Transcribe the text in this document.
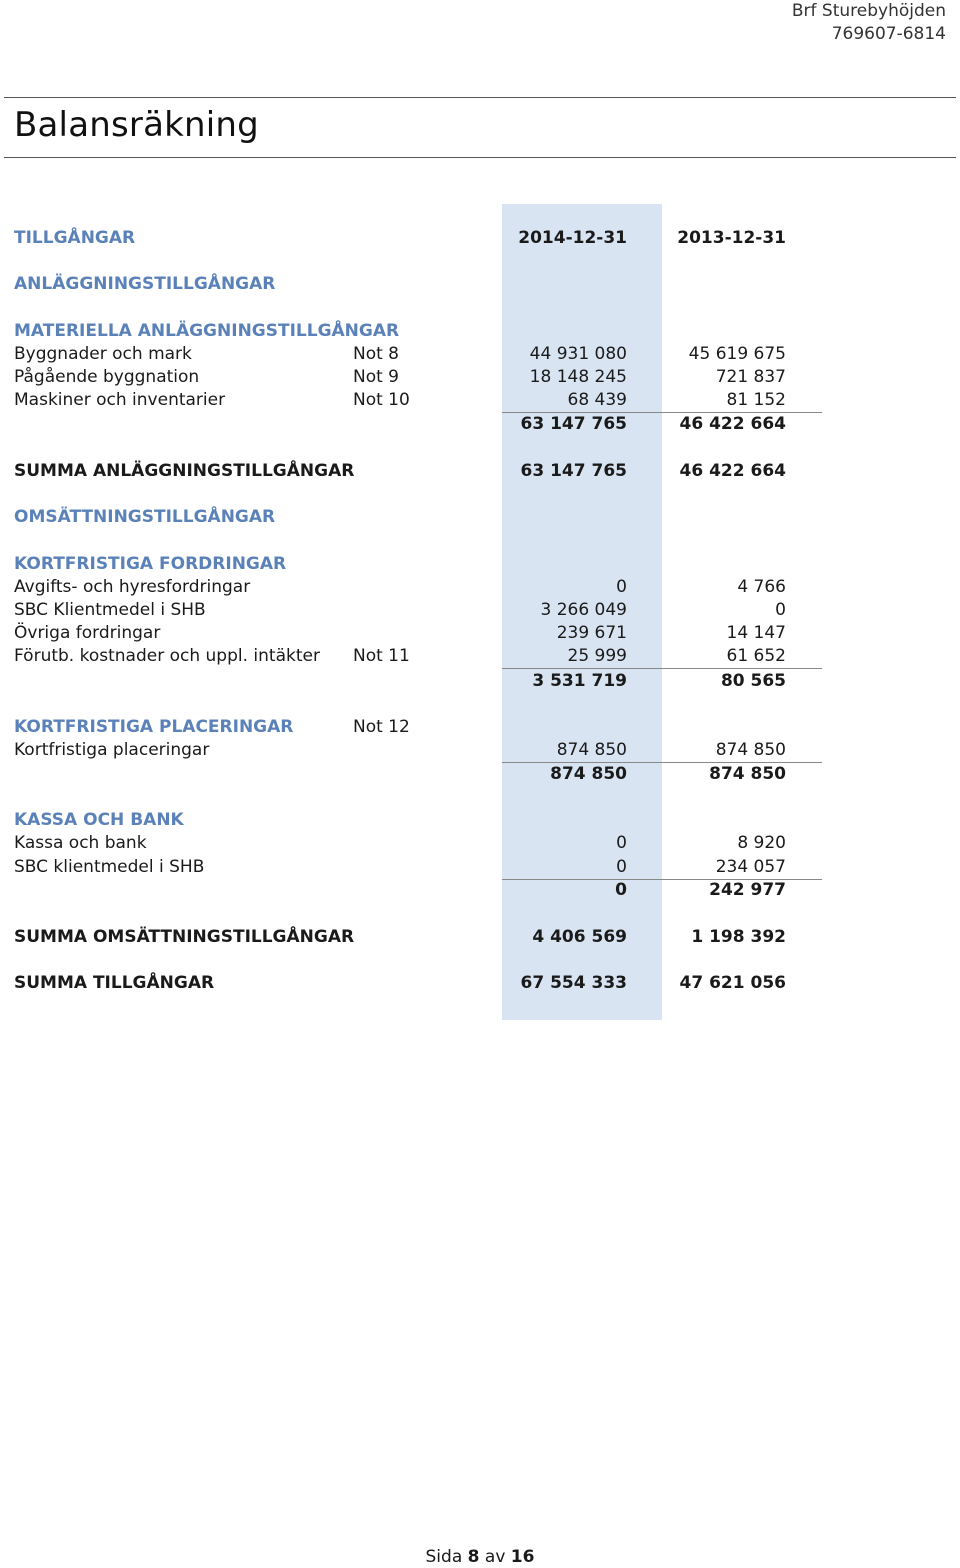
Brf Sturebyhöjden
769607-6814
Balansräkning
TILLGÅNGAR	2014-12-31	2013-12-31
ANLÄGGNINGSTILLGÅNGAR
MATERIELLA ANLÄGGNINGSTILLGÅNGAR
Byggnader och mark	Not 8	44 931 080	45 619 675
Pågående byggnation	Not 9	18 148 245	721 837
Maskiner och inventarier	Not 10	68 439	81 152
63 147 765	46 422 664
SUMMA ANLÄGGNINGSTILLGÅNGAR	63 147 765	46 422 664
OMSÄTTNINGSTILLGÅNGAR
KORTFRISTIGA FORDRINGAR
Avgifts- och hyresfordringar	0	4 766
SBC Klientmedel i SHB	3 266 049	0
Övriga fordringar	239 671	14 147
Förutb. kostnader och uppl. intäkter Not 11	25 999	61 652
3 531 719	80 565
KORTFRISTIGA PLACERINGAR	Not 12
Kortfristiga placeringar	874 850	874 850
874 850	874 850
KASSA OCH BANK
Kassa och bank	0	8 920
SBC klientmedel i SHB	0	234 057
0	242 977
SUMMA OMSÄTTNINGSTILLGÅNGAR	4 406 569	1 198 392
SUMMA TILLGÅNGAR	67 554 333	47 621 056
Sida 8 av 16
